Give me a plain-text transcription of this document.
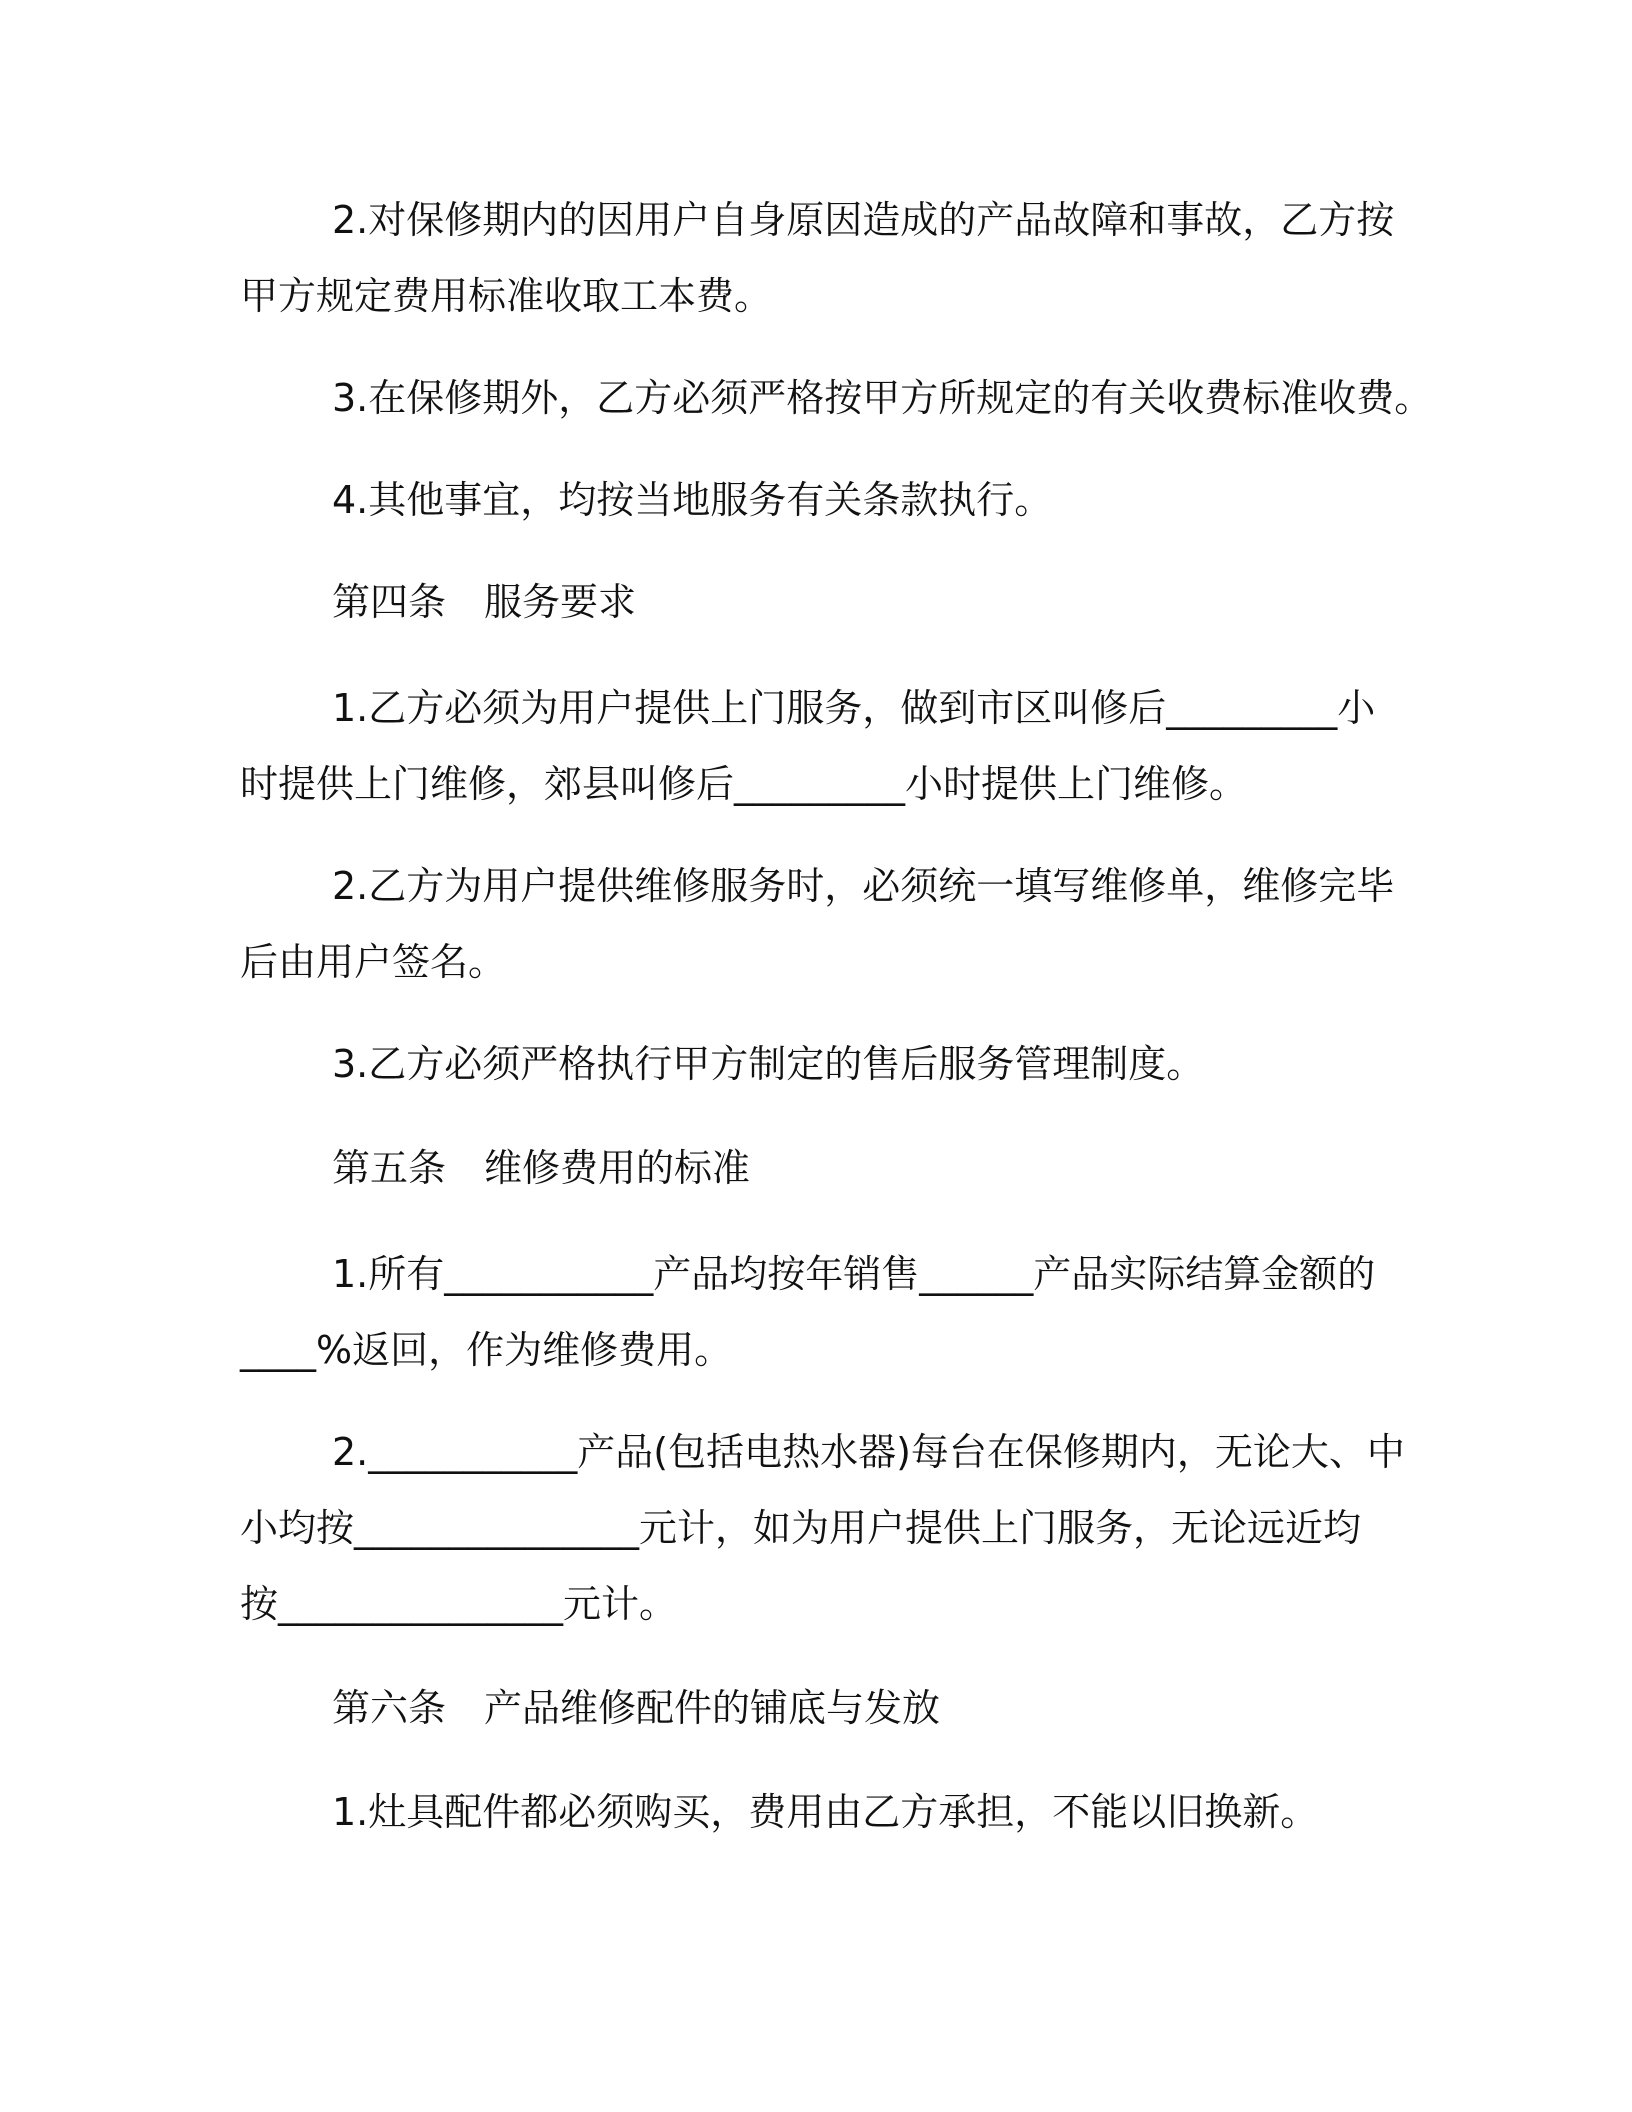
2.对保修期内的因用户自身原因造成的产品故障和事故，乙方按
甲方规定费用标准收取工本费。
3.在保修期外，乙方必须严格按甲方所规定的有关收费标准收费。
4.其他事宜，均按当地服务有关条款执行。
第四条　服务要求
1.乙方必须为用户提供上门服务，做到市区叫修后_________小
时提供上门维修，郊县叫修后_________小时提供上门维修。
2.乙方为用户提供维修服务时，必须统一填写维修单，维修完毕
后由用户签名。
3.乙方必须严格执行甲方制定的售后服务管理制度。
第五条　维修费用的标准
1.所有___________产品均按年销售______产品实际结算金额的
____%返回，作为维修费用。
2.___________产品(包括电热水器)每台在保修期内，无论大、中
小均按_______________元计，如为用户提供上门服务，无论远近均
按_______________元计。
第六条　产品维修配件的铺底与发放
1.灶具配件都必须购买，费用由乙方承担，不能以旧换新。
